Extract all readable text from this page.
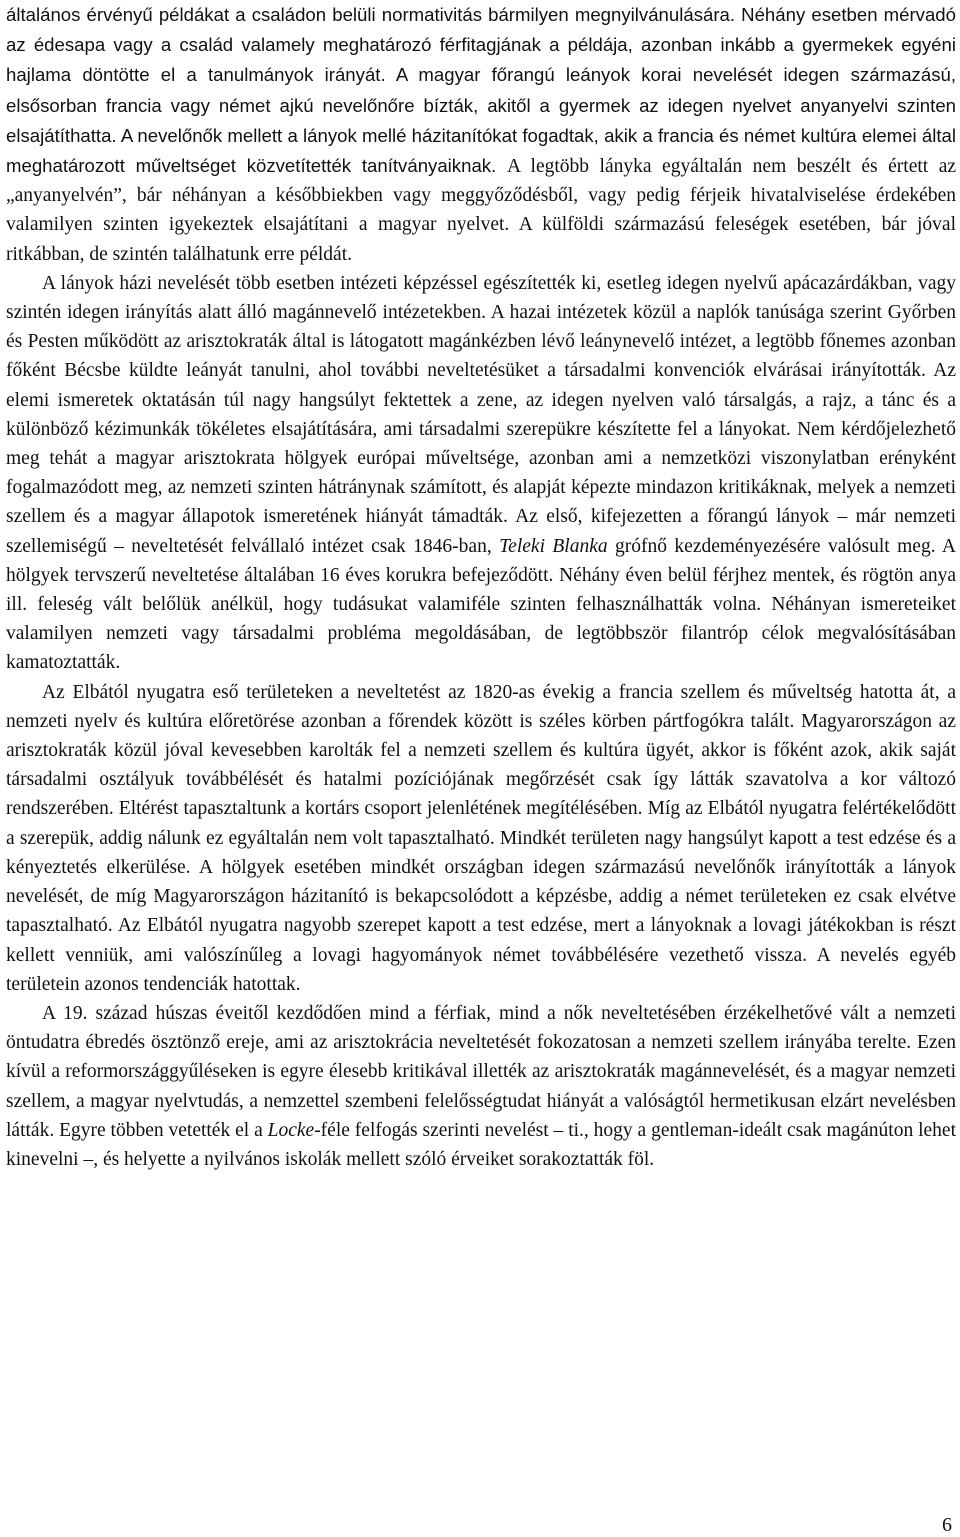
általános érvényű példákat a családon belüli normativitás bármilyen megnyilvánulására. Néhány esetben mérvadó az édesapa vagy a család valamely meghatározó férfitagjának a példája, azonban inkább a gyermekek egyéni hajlama döntötte el a tanulmányok irányát. A magyar főrangú leányok korai nevelését idegen származású, elsősorban francia vagy német ajkú nevelőnőre bízták, akitől a gyermek az idegen nyelvet anyanyelvi szinten elsajátíthatta. A nevelőnők mellett a lányok mellé házitanítókat fogadtak, akik a francia és német kultúra elemei által meghatározott műveltséget közvetítették tanítványaiknak. A legtöbb lányka egyáltalán nem beszélt és értett az „anyanyelvén”, bár néhányan a későbbiekben vagy meggyőződésből, vagy pedig férjeik hivatalviselése érdekében valamilyen szinten igyekeztek elsajátítani a magyar nyelvet. A külföldi származású feleségek esetében, bár jóval ritkábban, de szintén találhatunk erre példát.

A lányok házi nevelését több esetben intézeti képzéssel egészítették ki, esetleg idegen nyelvű apácazárdákban, vagy szintén idegen irányítás alatt álló magánnevelő intézetekben. A hazai intézetek közül a naplók tanúsága szerint Győrben és Pesten működött az arisztokraták által is látogatott magánkézben lévő leánynevelő intézet, a legtöbb főnemes azonban főként Bécsbe küldte leányát tanulni, ahol további neveltetésüket a társadalmi konvenciók elvárásai irányították. Az elemi ismeretek oktatásán túl nagy hangsúlyt fektettek a zene, az idegen nyelven való társalgás, a rajz, a tánc és a különböző kézimunkák tökéletes elsajátítására, ami társadalmi szerepükre készítette fel a lányokat. Nem kérdőjelezhető meg tehát a magyar arisztokrata hölgyek európai műveltsége, azonban ami a nemzetközi viszonylatban erényként fogalmazódott meg, az nemzeti szinten hátránynak számított, és alapját képezte mindazon kritikáknak, melyek a nemzeti szellem és a magyar állapotok ismeretének hiányát támadták. Az első, kifejezetten a főrangú lányok – már nemzeti szellemiségű – neveltetését felvállaló intézet csak 1846-ban, Teleki Blanka grófnő kezdeményezésére valósult meg. A hölgyek tervszerű neveltetése általában 16 éves korukra befejeződött. Néhány éven belül férjhez mentek, és rögtön anya ill. feleség vált belőlük anélkül, hogy tudásukat valamiféle szinten felhasználhatták volna. Néhányan ismereteiket valamilyen nemzeti vagy társadalmi probléma megoldásában, de legtöbbször filantróp célok megvalósításában kamatoztatták.

Az Elbától nyugatra eső területeken a neveltetést az 1820-as évekig a francia szellem és műveltség hatotta át, a nemzeti nyelv és kultúra előretörése azonban a főrendek között is széles körben pártfogókra talált. Magyarországon az arisztokraták közül jóval kevesebben karolták fel a nemzeti szellem és kultúra ügyét, akkor is főként azok, akik saját társadalmi osztályuk továbbélését és hatalmi pozíciójának megőrzését csak így látták szavatolva a kor változó rendszerében. Eltérést tapasztaltunk a kortárs csoport jelenlétének megítélésében. Míg az Elbától nyugatra felértékelődött a szerepük, addig nálunk ez egyáltalán nem volt tapasztalható. Mindkét területen nagy hangsúlyt kapott a test edzése és a kényeztetés elkerülése. A hölgyek esetében mindkét országban idegen származású nevelőnők irányították a lányok nevelését, de míg Magyarországon házitanító is bekapcsolódott a képzésbe, addig a német területeken ez csak elvétve tapasztalható. Az Elbától nyugatra nagyobb szerepet kapott a test edzése, mert a lányoknak a lovagi játékokban is részt kellett venniük, ami valószínűleg a lovagi hagyományok német továbbélésére vezethető vissza. A nevelés egyéb területein azonos tendenciák hatottak.

A 19. század húszas éveitől kezdődően mind a férfiak, mind a nők neveltetésében érzékelhetővé vált a nemzeti öntudatra ébredés ösztönző ereje, ami az arisztokrácia neveltetését fokozatosan a nemzeti szellem irányába terelte. Ezen kívül a reformországgyűléseken is egyre élesebb kritikával illették az arisztokraták magánnevelését, és a magyar nemzeti szellem, a magyar nyelvtudás, a nemzettel szembeni felelősségtudat hiányát a valóságtól hermetikusan elzárt nevelésben látták. Egyre többen vetették el a Locke-féle felfogás szerinti nevelést – ti., hogy a gentleman-ideált csak magánúton lehet kinevelni –, és helyette a nyilvános iskolák mellett szóló érveiket sorakoztatták föl.

6
